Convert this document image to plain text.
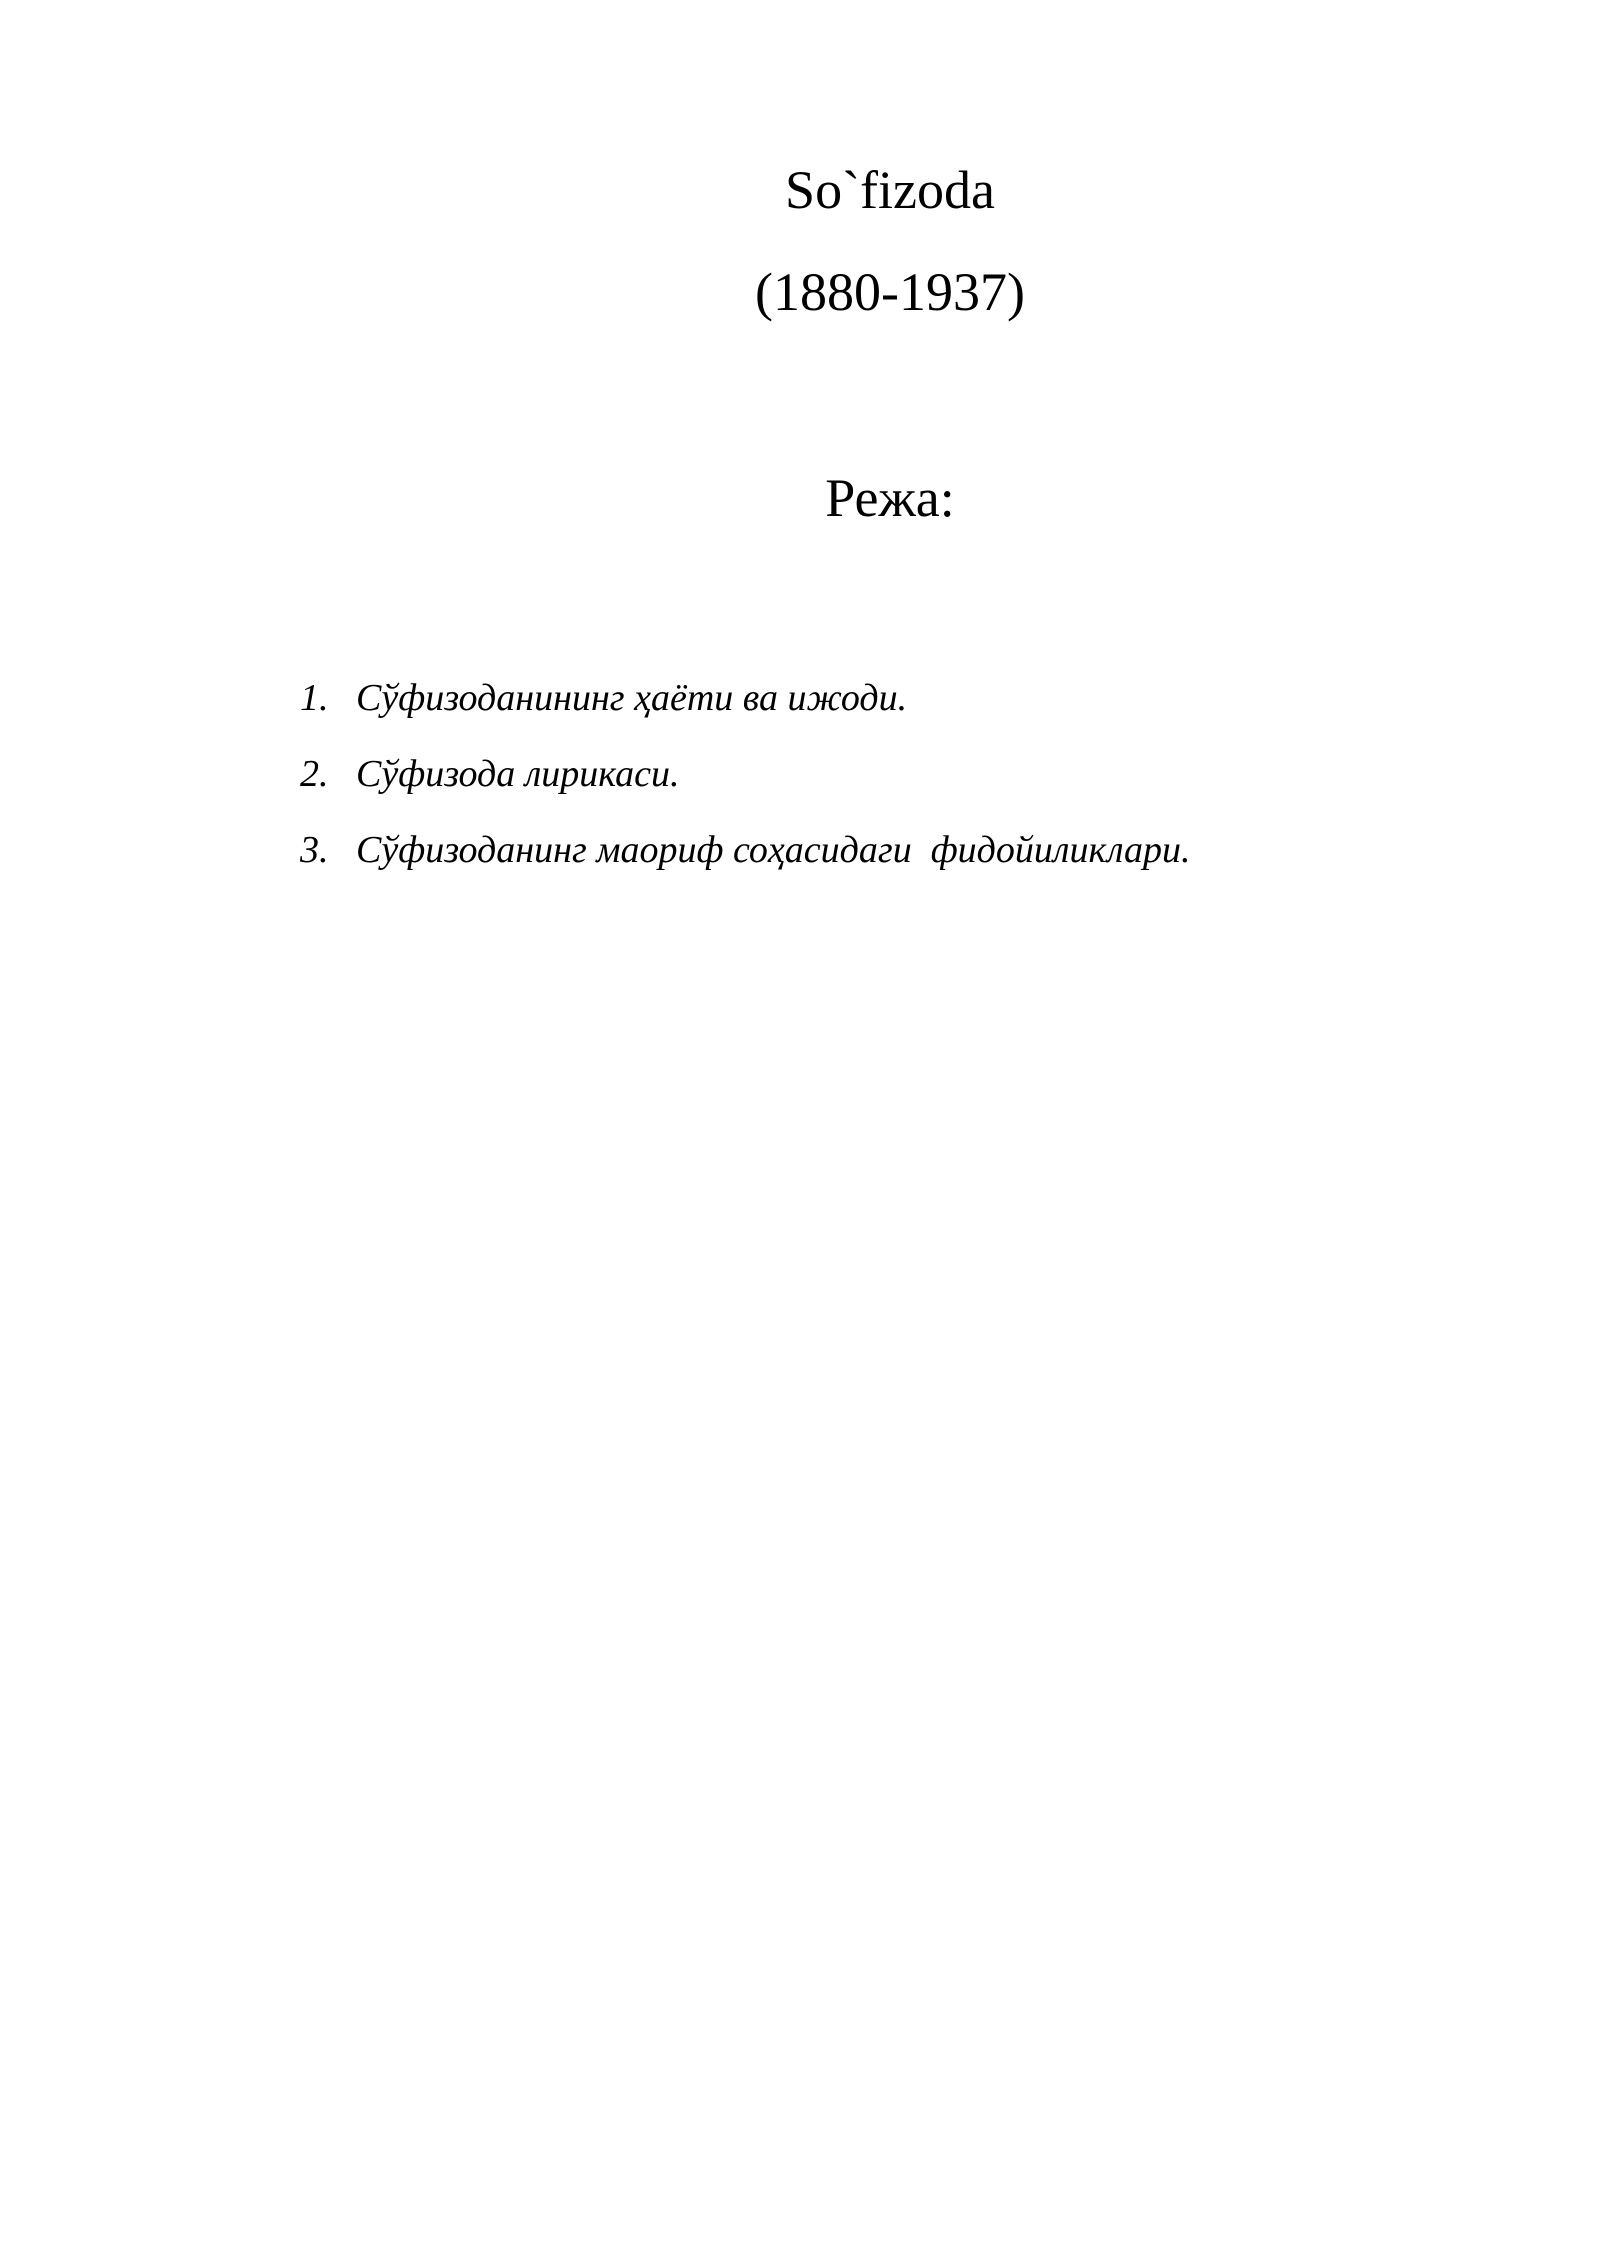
So`fizoda
(1880-1937)
Режа:
1. Сўфизоданининг ҳаёти ва ижоди.
2. Сўфизода лирикаси.
3. Сўфизоданинг маориф соҳасидаги  фидойиликлари.
